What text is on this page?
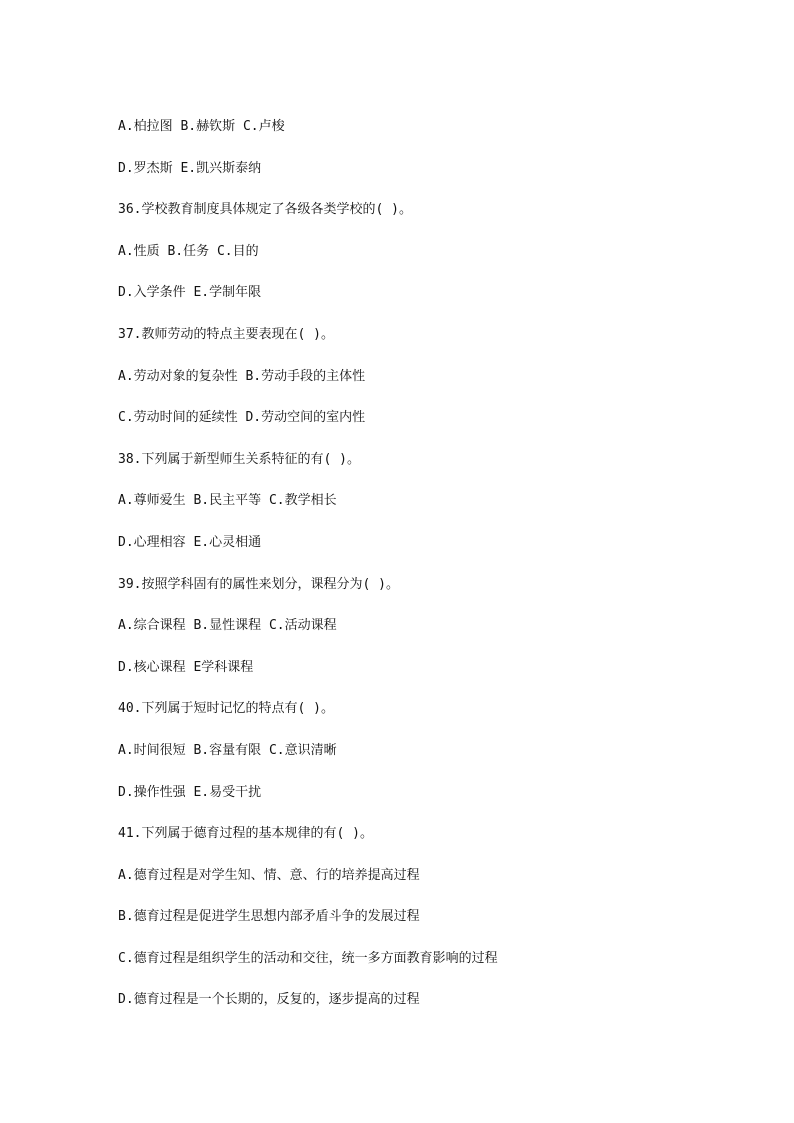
A.柏拉图 B.赫钦斯 C.卢梭
D.罗杰斯 E.凯兴斯泰纳
36.学校教育制度具体规定了各级各类学校的( )。
A.性质 B.任务 C.目的
D.入学条件 E.学制年限
37.教师劳动的特点主要表现在( )。
A.劳动对象的复杂性 B.劳动手段的主体性
C.劳动时间的延续性 D.劳动空间的室内性
38.下列属于新型师生关系特征的有( )。
A.尊师爱生 B.民主平等 C.教学相长
D.心理相容 E.心灵相通
39.按照学科固有的属性来划分，课程分为( )。
A.综合课程 B.显性课程 C.活动课程
D.核心课程 E学科课程
40.下列属于短时记忆的特点有( )。
A.时间很短 B.容量有限 C.意识清晰
D.操作性强 E.易受干扰
41.下列属于德育过程的基本规律的有( )。
A.德育过程是对学生知、情、意、行的培养提高过程
B.德育过程是促进学生思想内部矛盾斗争的发展过程
C.德育过程是组织学生的活动和交往，统一多方面教育影响的过程
D.德育过程是一个长期的，反复的，逐步提高的过程
